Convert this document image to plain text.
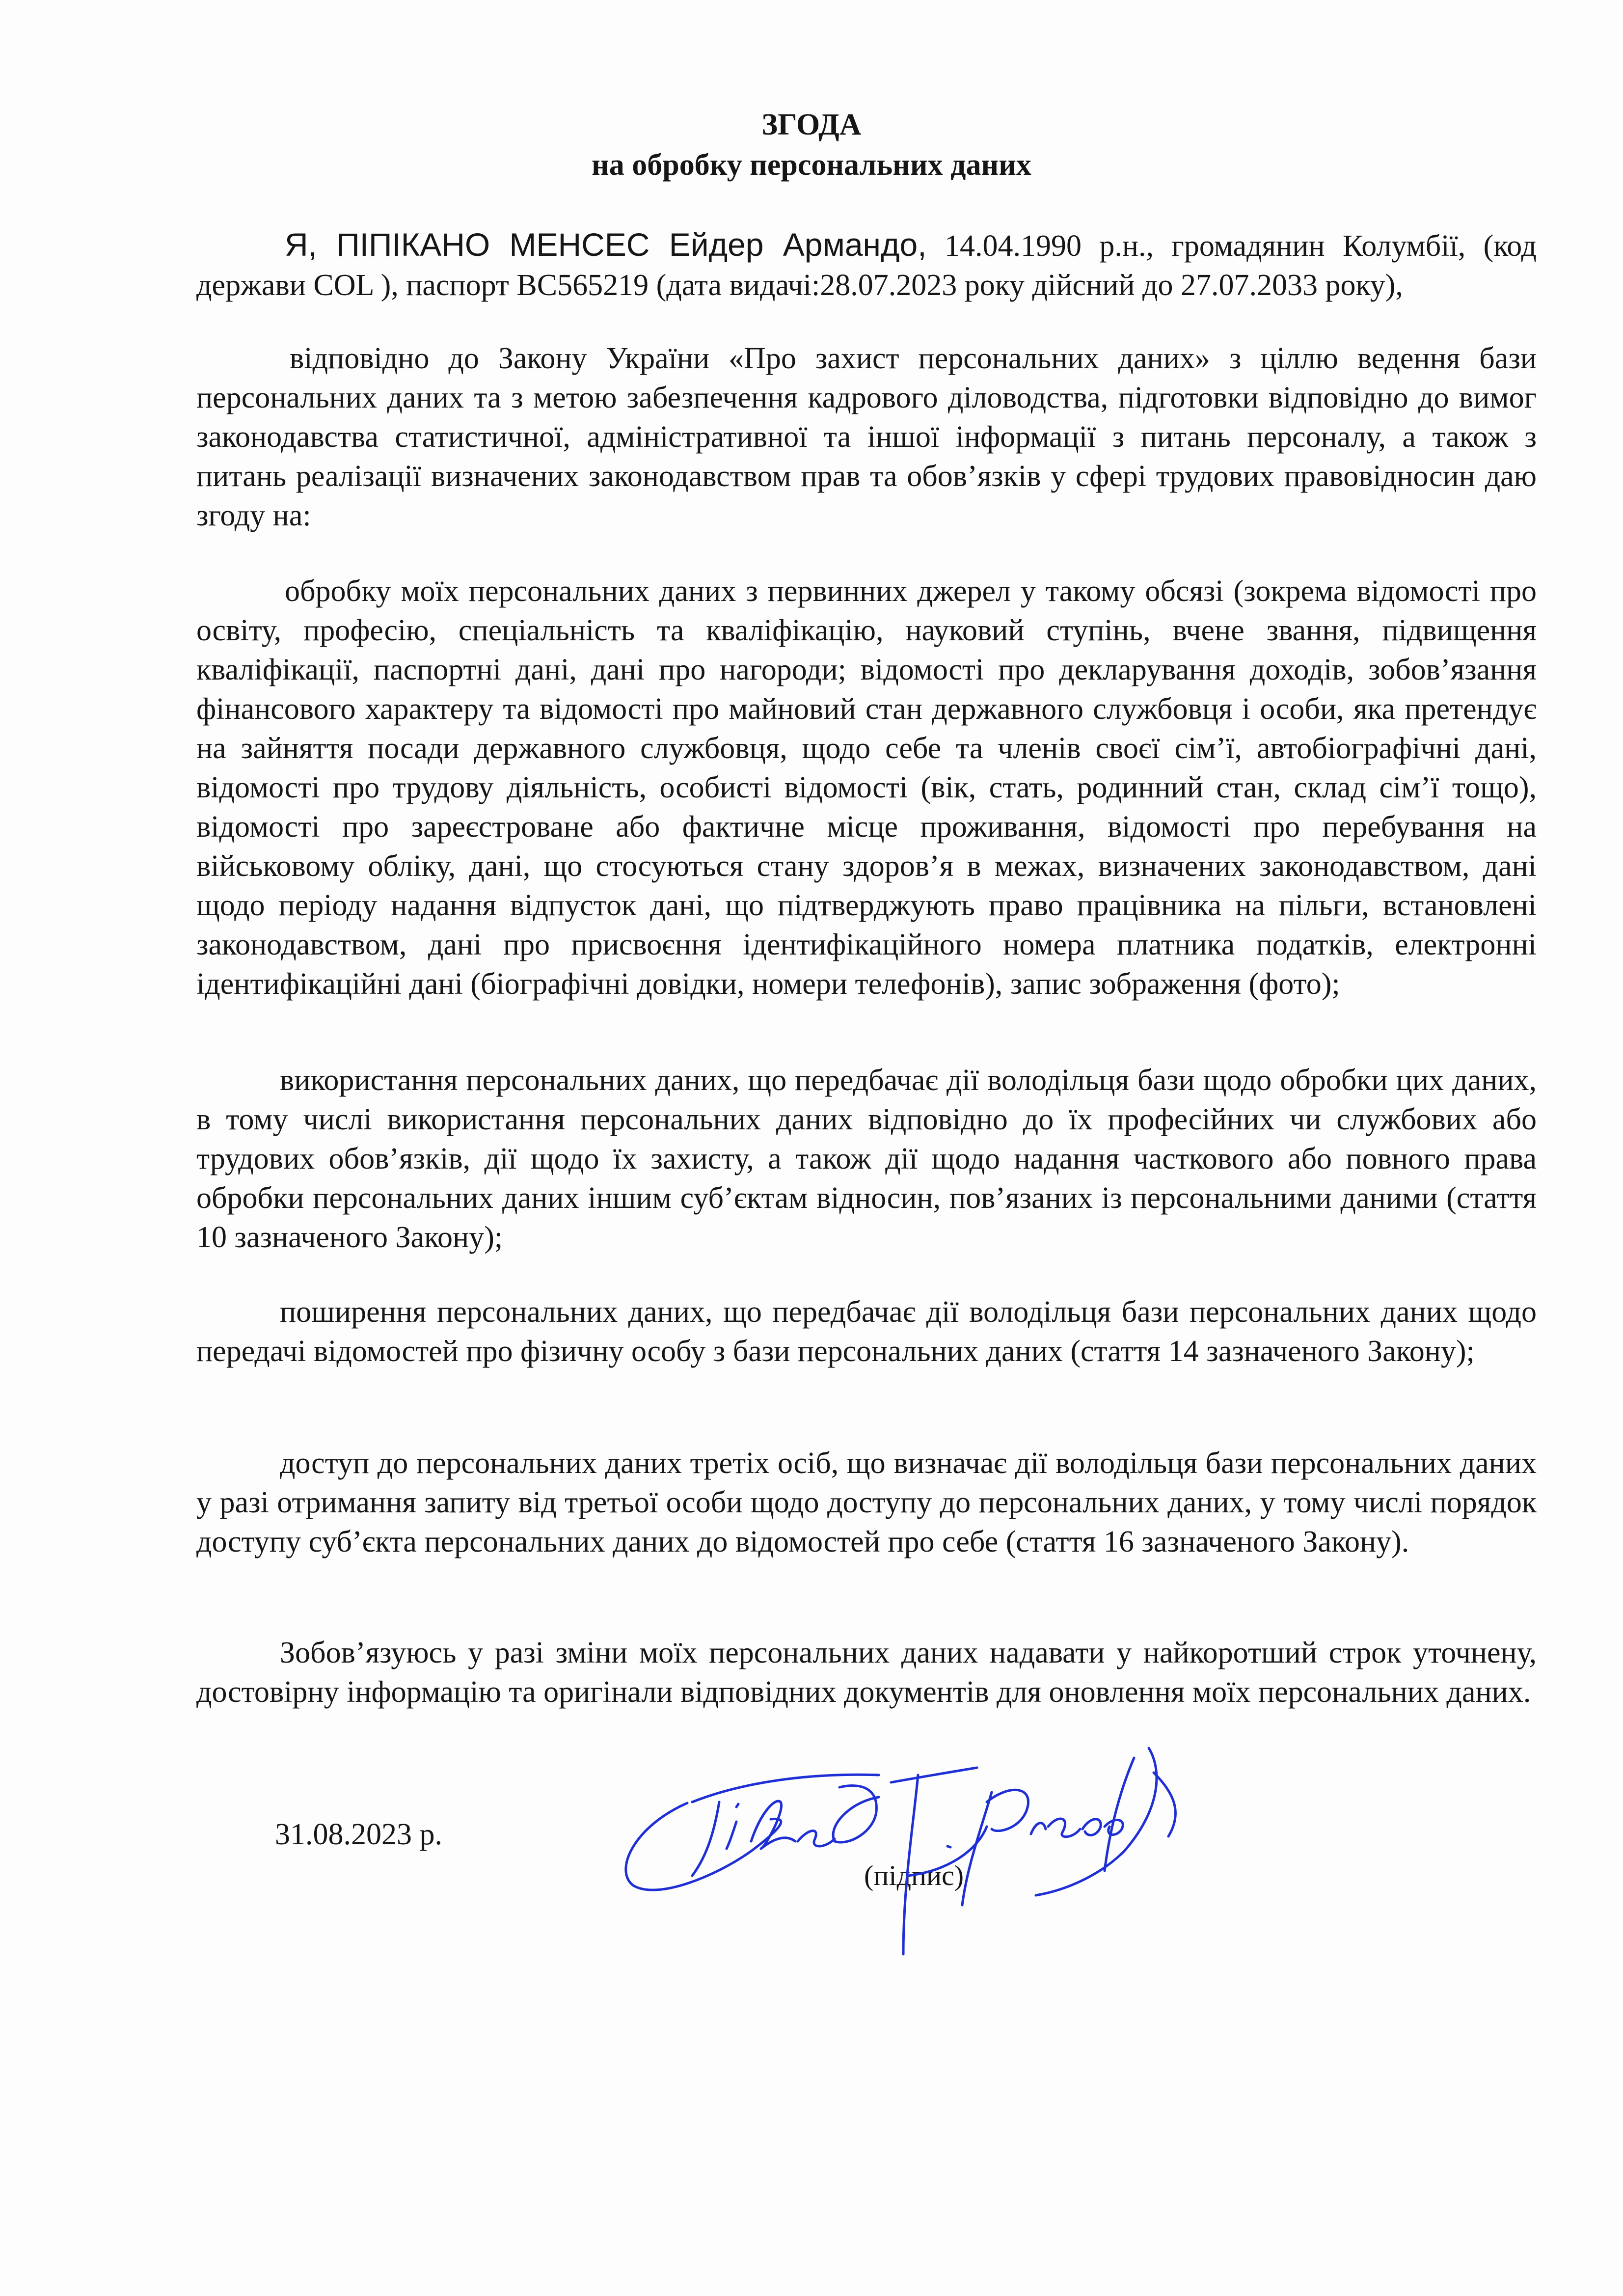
ЗГОДА
на обробку персональних даних

Я, ПІПІКАНО МЕНСЕС Ейдер Армандо, 14.04.1990 р.н., громадянин Колумбії, (код держави COL ), паспорт ВС565219 (дата видачі:28.07.2023 року дійсний до 27.07.2033 року),

відповідно до Закону України «Про захист персональних даних» з ціллю ведення бази персональних даних та з метою забезпечення кадрового діловодства, підготовки відповідно до вимог законодавства статистичної, адміністративної та іншої інформації з питань персоналу, а також з питань реалізації визначених законодавством прав та обов’язків у сфері трудових правовідносин даю згоду на:

обробку моїх персональних даних з первинних джерел у такому обсязі (зокрема відомості про освіту, професію, спеціальність та кваліфікацію, науковий ступінь, вчене звання, підвищення кваліфікації, паспортні дані, дані про нагороди; відомості про декларування доходів, зобов’язання фінансового характеру та відомості про майновий стан державного службовця і особи, яка претендує на зайняття посади державного службовця, щодо себе та членів своєї сім’ї, автобіографічні дані, відомості про трудову діяльність, особисті відомості (вік, стать, родинний стан, склад сім’ї тощо), відомості про зареєстроване або фактичне місце проживання, відомості про перебування на військовому обліку, дані, що стосуються стану здоров’я в межах, визначених законодавством, дані щодо періоду надання відпусток дані, що підтверджують право працівника на пільги, встановлені законодавством, дані про присвоєння ідентифікаційного номера платника податків, електронні ідентифікаційні дані (біографічні довідки, номери телефонів), запис зображення (фото);

використання персональних даних, що передбачає дії володільця бази щодо обробки цих даних, в тому числі використання персональних даних відповідно до їх професійних чи службових або трудових обов’язків, дії щодо їх захисту, а також дії щодо надання часткового або повного права обробки персональних даних іншим суб’єктам відносин, пов’язаних із персональними даними (стаття 10 зазначеного Закону);

поширення персональних даних, що передбачає дії володільця бази персональних даних щодо передачі відомостей про фізичну особу з бази персональних даних (стаття 14 зазначеного Закону);

доступ до персональних даних третіх осіб, що визначає дії володільця бази персональних даних у разі отримання запиту від третьої особи щодо доступу до персональних даних, у тому числі порядок доступу суб’єкта персональних даних до відомостей про себе (стаття 16 зазначеного Закону).

Зобов’язуюсь у разі зміни моїх персональних даних надавати у найкоротший строк уточнену, достовірну інформацію та оригінали відповідних документів для оновлення моїх персональних даних.

31.08.2023 р.

(підпис)
